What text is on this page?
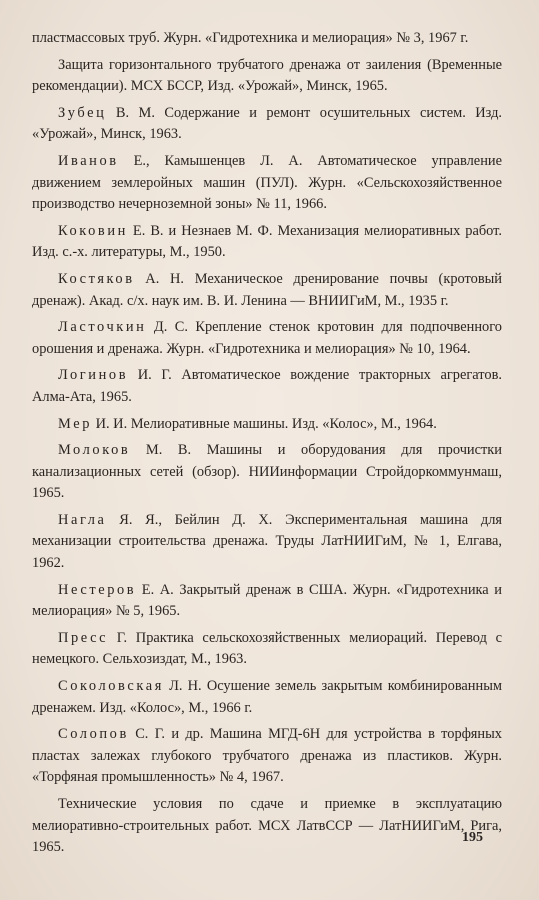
пластмассовых труб. Журн. «Гидротехника и мелиорация» № 3, 1967 г.

Защита горизонтального трубчатого дренажа от заиления (Временные рекомендации). МСХ БССР, Изд. «Урожай», Минск, 1965.

Зубец В. М. Содержание и ремонт осушительных систем. Изд. «Урожай», Минск, 1963.

Иванов Е., Камышенцев Л. А. Автоматическое управление движением землеройных машин (ПУЛ). Журн. «Сельскохозяйственное производство нечерноземной зоны» № 11, 1966.

Коковин Е. В. и Незнаев М. Ф. Механизация мелиоративных работ. Изд. с.-х. литературы, М., 1950.

Костяков А. Н. Механическое дренирование почвы (кротовый дренаж). Акад. с/х. наук им. В. И. Ленина — ВНИИГиМ, М., 1935 г.

Ласточкин Д. С. Крепление стенок кротовин для подпочвенного орошения и дренажа. Журн. «Гидротехника и мелиорация» № 10, 1964.

Логинов И. Г. Автоматическое вождение тракторных агрегатов. Алма-Ата, 1965.

Мер И. И. Мелиоративные машины. Изд. «Колос», М., 1964.

Молоков М. В. Машины и оборудования для прочистки канализационных сетей (обзор). НИИинформации Стройдоркоммунмаш, 1965.

Нагла Я. Я., Бейлин Д. Х. Экспериментальная машина для механизации строительства дренажа. Труды ЛатНИИГиМ, № 1, Елгава, 1962.

Нестеров Е. А. Закрытый дренаж в США. Журн. «Гидротехника и мелиорация» № 5, 1965.

Пресс Г. Практика сельскохозяйственных мелиораций. Перевод с немецкого. Сельхозиздат, М., 1963.

Соколовская Л. Н. Осушение земель закрытым комбинированным дренажем. Изд. «Колос», М., 1966 г.

Солопов С. Г. и др. Машина МГД-6Н для устройства в торфяных пластах залежах глубокого трубчатого дренажа из пластиков. Журн. «Торфяная промышленность» № 4, 1967.

Технические условия по сдаче и приемке в эксплуатацию мелиоративно-строительных работ. МСХ ЛатвССР — ЛатНИИГиМ, Рига, 1965.

195
